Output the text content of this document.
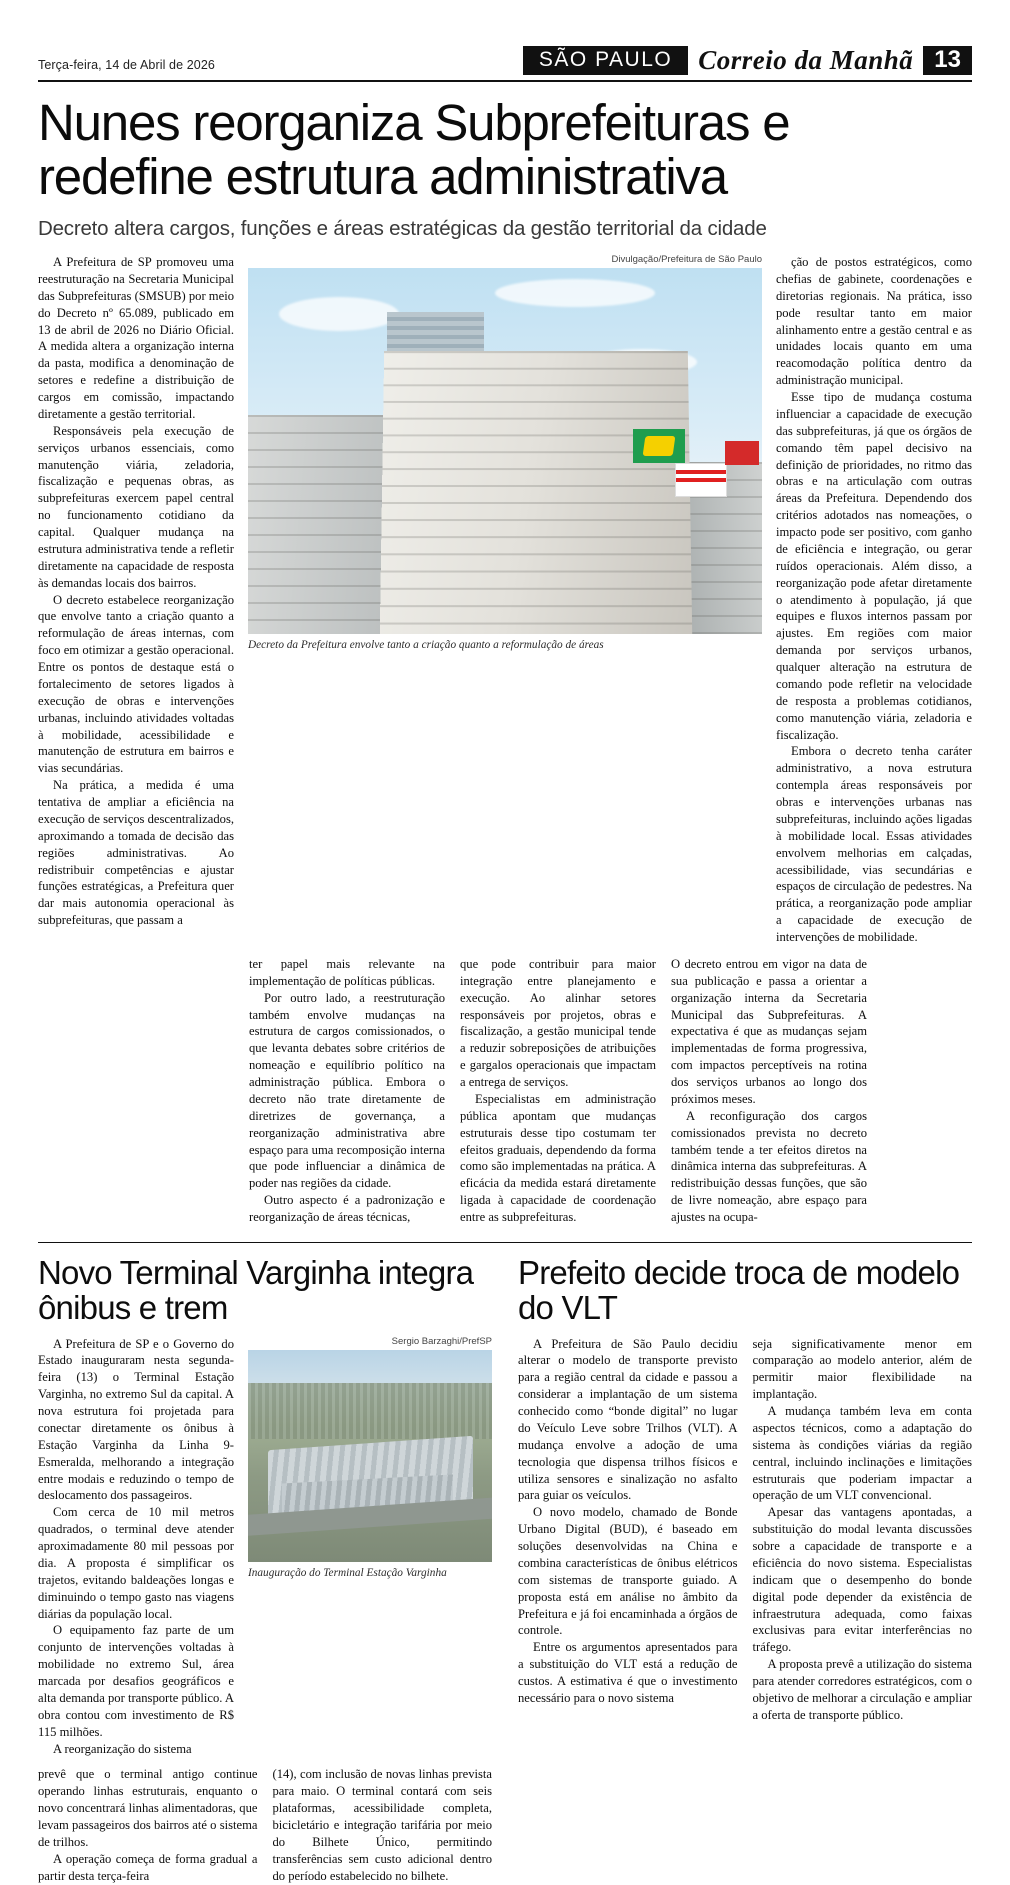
Terça-feira, 14 de Abril de 2026	SÃO PAULO Correio da Manhã 13
Nunes reorganiza Subprefeituras e redefine estrutura administrativa
Decreto altera cargos, funções e áreas estratégicas da gestão territorial da cidade

A Prefeitura de SP promoveu uma reestruturação na Secretaria Municipal das Subprefeituras (SMSUB) por meio do Decreto nº 65.089, publicado em 13 de abril de 2026 no Diário Oficial. A medida altera a organização interna da pasta, modifica a denominação de setores e redefine a distribuição de cargos em comissão, impactando diretamente a gestão territorial.

Responsáveis pela execução de serviços urbanos essenciais, como manutenção viária, zeladoria, fiscalização e pequenas obras, as subprefeituras exercem papel central no funcionamento cotidiano da capital. Qualquer mudança na estrutura administrativa tende a refletir diretamente na capacidade de resposta às demandas locais dos bairros.

O decreto estabelece reorganização que envolve tanto a criação quanto a reformulação de áreas internas, com foco em otimizar a gestão operacional. Entre os pontos de destaque está o fortalecimento de setores ligados à execução de obras e intervenções urbanas, incluindo atividades voltadas à mobilidade, acessibilidade e manutenção de estrutura em bairros e vias secundárias.

Na prática, a medida é uma tentativa de ampliar a eficiência na execução de serviços descentralizados, aproximando a tomada de decisão das regiões administrativas. Ao redistribuir competências e ajustar funções estratégicas, a Prefeitura quer dar mais autonomia operacional às subprefeituras, que passam a

Divulgação/Prefeitura de São Paulo
Decreto da Prefeitura envolve tanto a criação quanto a reformulação de áreas

ção de postos estratégicos, como chefias de gabinete, coordenações e diretorias regionais. Na prática, isso pode resultar tanto em maior alinhamento entre a gestão central e as unidades locais quanto em uma reacomodação política dentro da administração municipal.

Esse tipo de mudança costuma influenciar a capacidade de execução das subprefeituras, já que os órgãos de comando têm papel decisivo na definição de prioridades, no ritmo das obras e na articulação com outras áreas da Prefeitura. Dependendo dos critérios adotados nas nomeações, o impacto pode ser positivo, com ganho de eficiência e integração, ou gerar ruídos operacionais. Além disso, a reorganização pode afetar diretamente o atendimento à população, já que equipes e fluxos internos passam por ajustes. Em regiões com maior demanda por serviços urbanos, qualquer alteração na estrutura de comando pode refletir na velocidade de resposta a problemas cotidianos, como manutenção viária, zeladoria e fiscalização.

Embora o decreto tenha caráter administrativo, a nova estrutura contempla áreas responsáveis por obras e intervenções urbanas nas subprefeituras, incluindo ações ligadas à mobilidade local. Essas atividades envolvem melhorias em calçadas, acessibilidade, vias secundárias e espaços de circulação de pedestres. Na prática, a reorganização pode ampliar a capacidade de execução de intervenções de mobilidade.

ter papel mais relevante na implementação de políticas públicas.

Por outro lado, a reestruturação também envolve mudanças na estrutura de cargos comissionados, o que levanta debates sobre critérios de nomeação e equilíbrio político na administração pública. Embora o decreto não trate diretamente de diretrizes de governança, a reorganização administrativa abre espaço para uma recomposição interna que pode influenciar a dinâmica de poder nas regiões da cidade.

Outro aspecto é a padronização e reorganização de áreas técnicas,

que pode contribuir para maior integração entre planejamento e execução. Ao alinhar setores responsáveis por projetos, obras e fiscalização, a gestão municipal tende a reduzir sobreposições de atribuições e gargalos operacionais que impactam a entrega de serviços.

Especialistas em administração pública apontam que mudanças estruturais desse tipo costumam ter efeitos graduais, dependendo da forma como são implementadas na prática. A eficácia da medida estará diretamente ligada à capacidade de coordenação entre as subprefeituras.

O decreto entrou em vigor na data de sua publicação e passa a orientar a organização interna da Secretaria Municipal das Subprefeituras. A expectativa é que as mudanças sejam implementadas de forma progressiva, com impactos perceptíveis na rotina dos serviços urbanos ao longo dos próximos meses.

A reconfiguração dos cargos comissionados prevista no decreto também tende a ter efeitos diretos na dinâmica interna das subprefeituras. A redistribuição dessas funções, que são de livre nomeação, abre espaço para ajustes na ocupa-

Novo Terminal Varginha integra ônibus e trem

A Prefeitura de SP e o Governo do Estado inauguraram nesta segunda-feira (13) o Terminal Estação Varginha, no extremo Sul da capital. A nova estrutura foi projetada para conectar diretamente os ônibus à Estação Varginha da Linha 9-Esmeralda, melhorando a integração entre modais e reduzindo o tempo de deslocamento dos passageiros.

Com cerca de 10 mil metros quadrados, o terminal deve atender aproximadamente 80 mil pessoas por dia. A proposta é simplificar os trajetos, evitando baldeações longas e diminuindo o tempo gasto nas viagens diárias da população local.

O equipamento faz parte de um conjunto de intervenções voltadas à mobilidade no extremo Sul, área marcada por desafios geográficos e alta demanda por transporte público. A obra contou com investimento de R$ 115 milhões.

A reorganização do sistema

Sergio Barzaghi/PrefSP
Inauguração do Terminal Estação Varginha

prevê que o terminal antigo continue operando linhas estruturais, enquanto o novo concentrará linhas alimentadoras, que levam passageiros dos bairros até o sistema de trilhos.

A operação começa de forma gradual a partir desta terça-feira

(14), com inclusão de novas linhas prevista para maio. O terminal contará com seis plataformas, acessibilidade completa, bicicletário e integração tarifária por meio do Bilhete Único, permitindo transferências sem custo adicional dentro do período estabelecido no bilhete.

Prefeito decide troca de modelo do VLT

A Prefeitura de São Paulo decidiu alterar o modelo de transporte previsto para a região central da cidade e passou a considerar a implantação de um sistema conhecido como “bonde digital” no lugar do Veículo Leve sobre Trilhos (VLT). A mudança envolve a adoção de uma tecnologia que dispensa trilhos físicos e utiliza sensores e sinalização no asfalto para guiar os veículos.

O novo modelo, chamado de Bonde Urbano Digital (BUD), é baseado em soluções desenvolvidas na China e combina características de ônibus elétricos com sistemas de transporte guiado. A proposta está em análise no âmbito da Prefeitura e já foi encaminhada a órgãos de controle.

Entre os argumentos apresentados para a substituição do VLT está a redução de custos. A estimativa é que o investimento necessário para o novo sistema

seja significativamente menor em comparação ao modelo anterior, além de permitir maior flexibilidade na implantação.

A mudança também leva em conta aspectos técnicos, como a adaptação do sistema às condições viárias da região central, incluindo inclinações e limitações estruturais que poderiam impactar a operação de um VLT convencional.

Apesar das vantagens apontadas, a substituição do modal levanta discussões sobre a capacidade de transporte e a eficiência do novo sistema. Especialistas indicam que o desempenho do bonde digital pode depender da existência de infraestrutura adequada, como faixas exclusivas para evitar interferências no tráfego.

A proposta prevê a utilização do sistema para atender corredores estratégicos, com o objetivo de melhorar a circulação e ampliar a oferta de transporte público.
